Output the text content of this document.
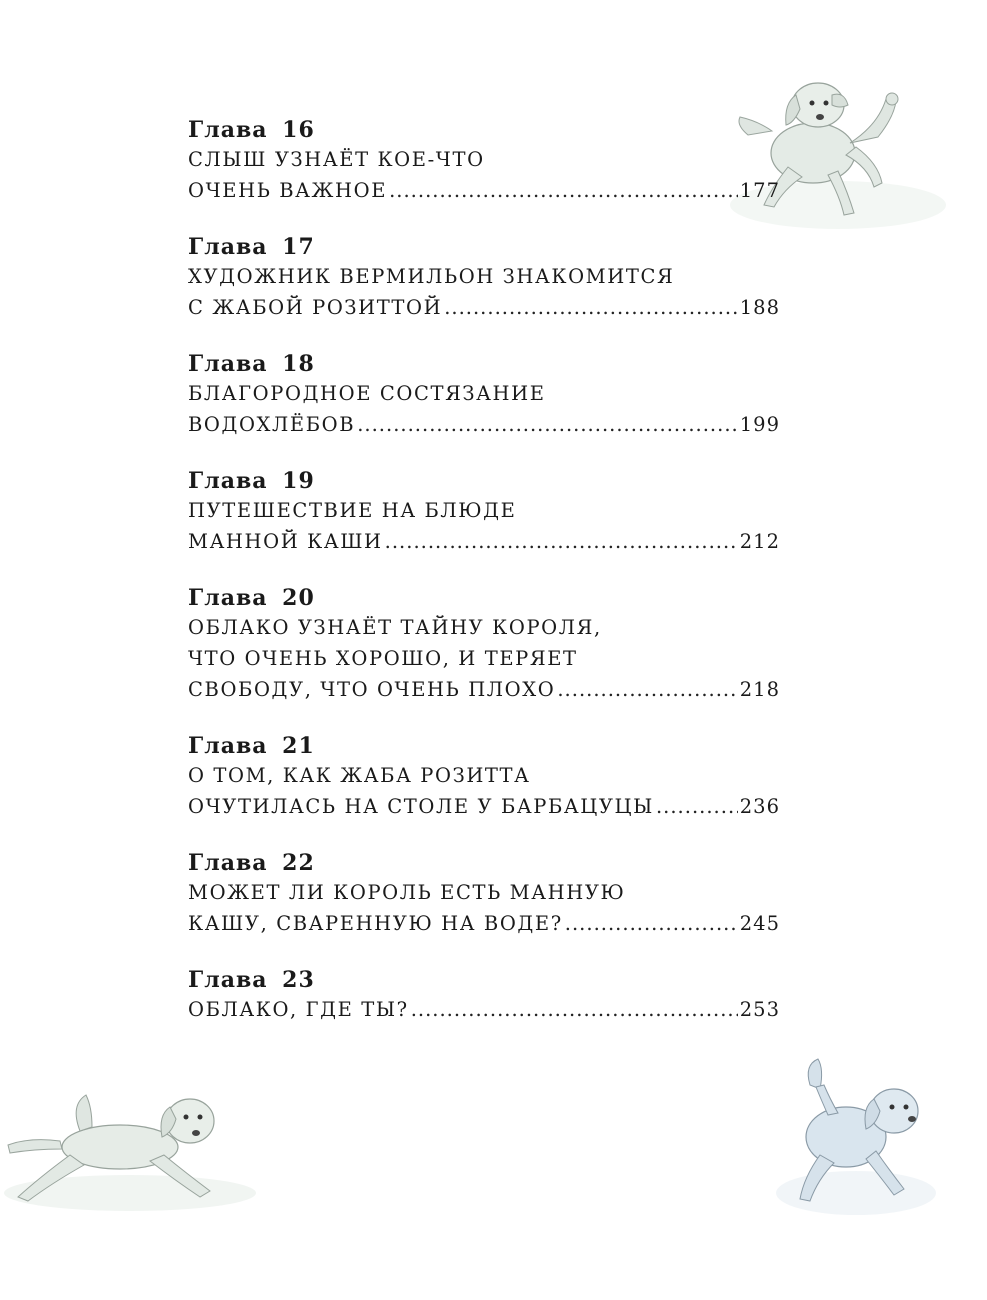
Глава 16
СЛЫШ УЗНАЁТ КОЕ-ЧТО
ОЧЕНЬ ВАЖНОЕ .....	177
Глава 17
ХУДОЖНИК ВЕРМИЛЬОН ЗНАКОМИТСЯ
С ЖАБОЙ РОЗИТТОЙ .....	188
Глава 18
БЛАГОРОДНОЕ СОСТЯЗАНИЕ
ВОДОХЛЁБОВ .....	199
Глава 19
ПУТЕШЕСТВИЕ НА БЛЮДЕ
МАННОЙ КАШИ .....	212
Глава 20
ОБЛАКО УЗНАЁТ ТАЙНУ КОРОЛЯ,
ЧТО ОЧЕНЬ ХОРОШО, И ТЕРЯЕТ
СВОБОДУ, ЧТО ОЧЕНЬ ПЛОХО .....	218
Глава 21
О ТОМ, КАК ЖАБА РОЗИТТА
ОЧУТИЛАСЬ НА СТОЛЕ У БАРБАЦУЦЫ .....	236
Глава 22
МОЖЕТ ЛИ КОРОЛЬ ЕСТЬ МАННУЮ
КАШУ, СВАРЕННУЮ НА ВОДЕ? .....	245
Глава 23
ОБЛАКО, ГДЕ ТЫ? .....	253
